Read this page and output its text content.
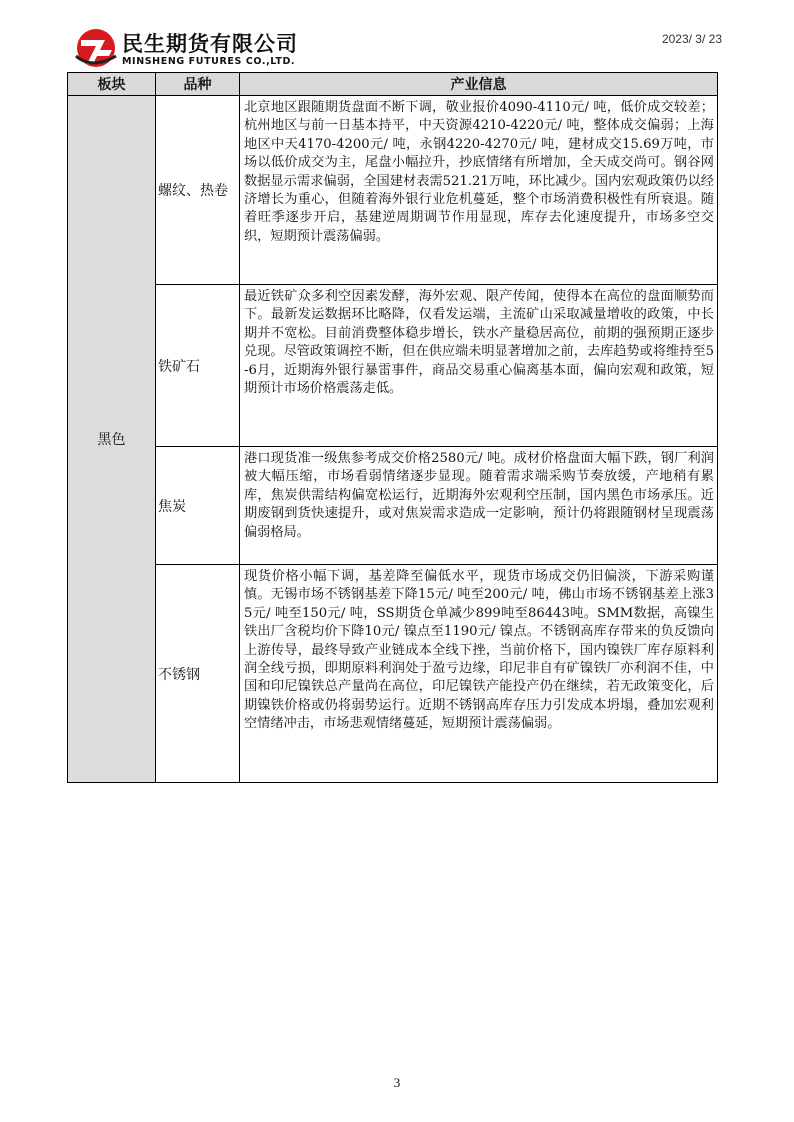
民生期货有限公司
MINSHENG FUTURES CO.,LTD.
2023/ 3/ 23
板块	品种	产业信息
黑色	螺纹、热卷	北京地区跟随期货盘面不断下调，敬业报价4090-4110元/ 吨，低价成交较差；杭州地区与前一日基本持平，中天资源4210-4220元/ 吨，整体成交偏弱；上海地区中天4170-4200元/ 吨，永钢4220-4270元/ 吨，建材成交15.69万吨，市场以低价成交为主，尾盘小幅拉升，抄底情绪有所增加，全天成交尚可。钢谷网数据显示需求偏弱，全国建材表需521.21万吨，环比减少。国内宏观政策仍以经济增长为重心，但随着海外银行业危机蔓延，整个市场消费积极性有所衰退。随着旺季逐步开启，基建逆周期调节作用显现，库存去化速度提升，市场多空交织，短期预计震荡偏弱。
	铁矿石	最近铁矿众多利空因素发酵，海外宏观、限产传闻，使得本在高位的盘面顺势而下。最新发运数据环比略降，仅看发运端，主流矿山采取减量增收的政策，中长期并不宽松。目前消费整体稳步增长，铁水产量稳居高位，前期的强预期正逐步兑现。尽管政策调控不断，但在供应端未明显著增加之前，去库趋势或将维持至5-6月，近期海外银行暴雷事件，商品交易重心偏离基本面，偏向宏观和政策，短期预计市场价格震荡走低。
	焦炭	港口现货准一级焦参考成交价格2580元/ 吨。成材价格盘面大幅下跌，钢厂利润被大幅压缩，市场看弱情绪逐步显现。随着需求端采购节奏放缓，产地稍有累库，焦炭供需结构偏宽松运行，近期海外宏观利空压制，国内黑色市场承压。近期废钢到货快速提升，或对焦炭需求造成一定影响，预计仍将跟随钢材呈现震荡偏弱格局。
	不锈钢	现货价格小幅下调，基差降至偏低水平，现货市场成交仍旧偏淡，下游采购谨慎。无锡市场不锈钢基差下降15元/ 吨至200元/ 吨，佛山市场不锈钢基差上涨35元/ 吨至150元/ 吨，SS期货仓单减少899吨至86443吨。SMM数据，高镍生铁出厂含税均价下降10元/ 镍点至1190元/ 镍点。不锈钢高库存带来的负反馈向上游传导，最终导致产业链成本全线下挫，当前价格下，国内镍铁厂库存原料利润全线亏损，即期原料利润处于盈亏边缘，印尼非自有矿镍铁厂亦利润不佳，中国和印尼镍铁总产量尚在高位，印尼镍铁产能投产仍在继续，若无政策变化，后期镍铁价格或仍将弱势运行。近期不锈钢高库存压力引发成本坍塌，叠加宏观利空情绪冲击，市场悲观情绪蔓延，短期预计震荡偏弱。
3
